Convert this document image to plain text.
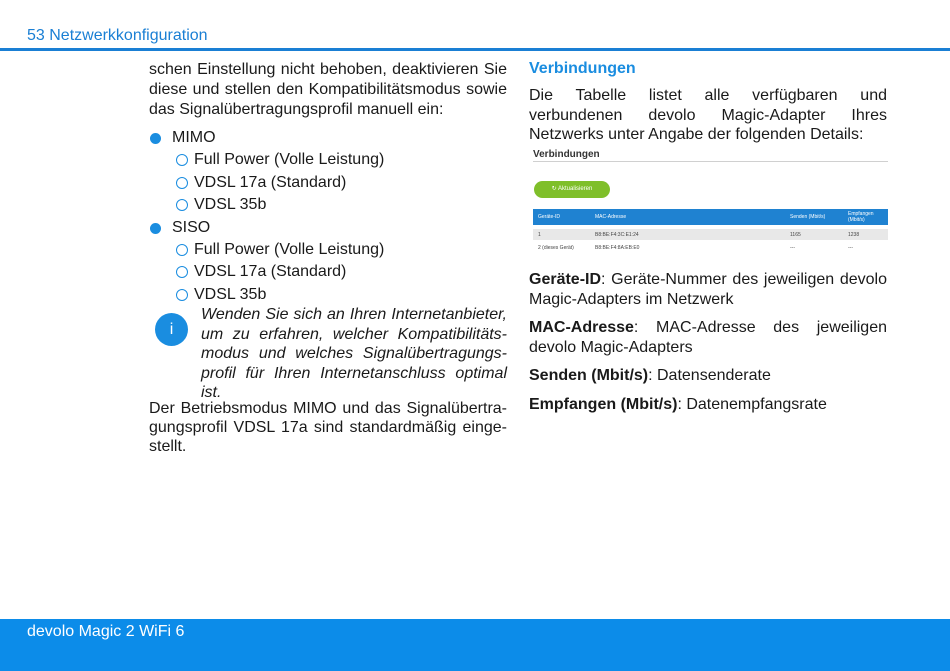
53 Netzwerkkonfiguration

schen Einstellung nicht behoben, deaktivieren Sie diese und stellen den Kompatibilitätsmodus sowie das Signalübertragungsprofil manuell ein:

MIMO
Full Power (Volle Leistung)
VDSL 17a (Standard)
VDSL 35b
SISO
Full Power (Volle Leistung)
VDSL 17a (Standard)
VDSL 35b
i

Wenden Sie sich an Ihren Internetanbieter, um zu erfahren, welcher Kompatibilitäts-modus und welches Signalübertragungs-profil für Ihren Internetanschluss optimal ist.

Der Betriebsmodus MIMO und das Signalübertra-gungsprofil VDSL 17a sind standardmäßig einge-stellt.

Verbindungen

Die Tabelle listet alle verfügbaren und verbundenen devolo Magic-Adapter Ihres Netzwerks unter Angabe der folgenden Details:

Verbindungen
↻ Aktualisieren
Geräte-ID	MAC-Adresse	Senden (Mbit/s)	Empfangen (Mbit/s)
1	B8:BE:F4:3C:E1:24	1165	1238
2 (dieses Gerät)	B8:BE:F4:8A:EB:E0	---	---

Geräte-ID: Geräte-Nummer des jeweiligen devolo Magic-Adapters im Netzwerk

MAC-Adresse: MAC-Adresse des jeweiligen devolo Magic-Adapters

Senden (Mbit/s): Datensenderate

Empfangen (Mbit/s): Datenempfangsrate

devolo Magic 2 WiFi 6
